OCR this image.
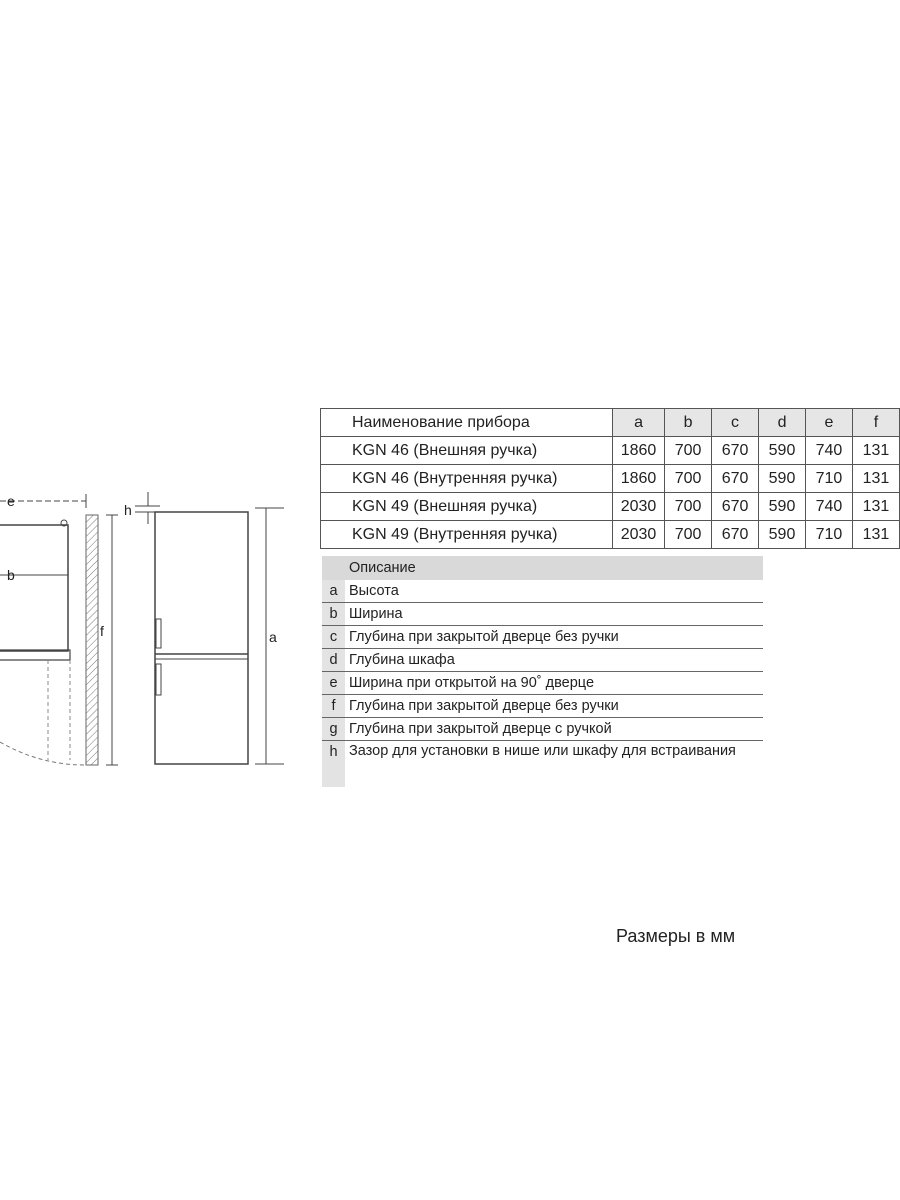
e
b
f
h
a
Наименование прибора	a	b	c	d	e	f
KGN 46 (Внешняя ручка)	1860	700	670	590	740	131
KGN 46 (Внутренняя ручка)	1860	700	670	590	710	131
KGN 49 (Внешняя ручка)	2030	700	670	590	740	131
KGN 49 (Внутренняя ручка)	2030	700	670	590	710	131
Описание
a Высота
b Ширина
c Глубина при закрытой дверце без ручки
d Глубина шкафа
e Ширина при открытой на 90˚ дверце
f Глубина при закрытой дверце без ручки
g Глубина при закрытой дверце с ручкой
h Зазор для установки в нише или шкафу для встраивания
Размеры в мм
